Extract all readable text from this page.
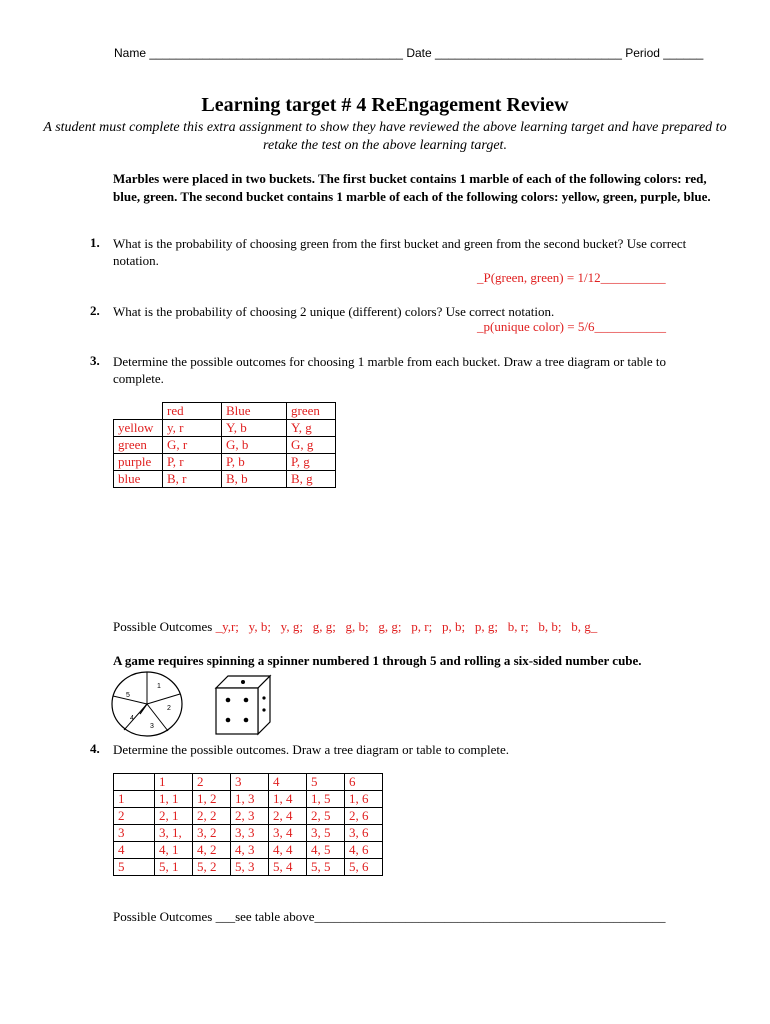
Name ______________________________________ Date ____________________________ Period ______
Learning target # 4 ReEngagement Review
A student must complete this extra assignment to show they have reviewed the above learning target and have prepared to retake the test on the above learning target.
Marbles were placed in two buckets. The first bucket contains 1 marble of each of the following colors: red, blue, green. The second bucket contains 1 marble of each of the following colors: yellow, green, purple, blue.
1. What is the probability of choosing green from the first bucket and green from the second bucket? Use correct notation.
_P(green, green) = 1/12__________
2. What is the probability of choosing 2 unique (different) colors? Use correct notation.
_p(unique color) = 5/6___________
3. Determine the possible outcomes for choosing 1 marble from each bucket. Draw a tree diagram or table to complete.
	red	Blue	green
yellow	y, r	Y, b	Y, g
green	G, r	G, b	G, g
purple	P, r	P, b	P, g
blue	B, r	B, b	B, g
Possible Outcomes _y,r;   y, b;   y, g;   g, g;   g, b;   g, g;   p, r;   p, b;   p, g;   b, r;   b, b;   b, g_
A game requires spinning a spinner numbered 1 through 5 and rolling a six-sided number cube.
1
2
3
4
5
4. Determine the possible outcomes. Draw a tree diagram or table to complete.
	1	2	3	4	5	6
1	1, 1	1, 2	1, 3	1, 4	1, 5	1, 6
2	2, 1	2, 2	2, 3	2, 4	2, 5	2, 6
3	3, 1,	3, 2	3, 3	3, 4	3, 5	3, 6
4	4, 1	4, 2	4, 3	4, 4	4, 5	4, 6
5	5, 1	5, 2	5, 3	5, 4	5, 5	5, 6
Possible Outcomes ___see table above______________________________________________________
